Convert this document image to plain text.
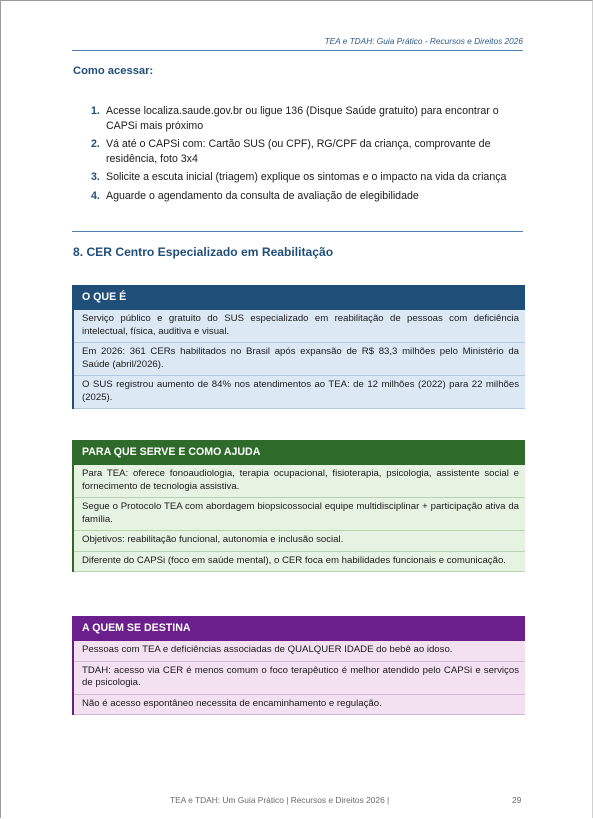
TEA e TDAH: Guia Prático - Recursos e Direitos 2026
Como acessar:
1. Acesse localiza.saude.gov.br ou ligue 136 (Disque Saúde gratuito) para encontrar o CAPSi mais próximo
2. Vá até o CAPSi com: Cartão SUS (ou CPF), RG/CPF da criança, comprovante de residência, foto 3x4
3. Solicite a escuta inicial (triagem) explique os sintomas e o impacto na vida da criança
4. Aguarde o agendamento da consulta de avaliação de elegibilidade
8. CER Centro Especializado em Reabilitação
O QUE É
Serviço público e gratuito do SUS especializado em reabilitação de pessoas com deficiência intelectual, física, auditiva e visual.
Em 2026: 361 CERs habilitados no Brasil após expansão de R$ 83,3 milhões pelo Ministério da Saúde (abril/2026).
O SUS registrou aumento de 84% nos atendimentos ao TEA: de 12 milhões (2022) para 22 milhões (2025).
PARA QUE SERVE E COMO AJUDA
Para TEA: oferece fonoaudiologia, terapia ocupacional, fisioterapia, psicologia, assistente social e fornecimento de tecnologia assistiva.
Segue o Protocolo TEA com abordagem biopsicossocial equipe multidisciplinar + participação ativa da família.
Objetivos: reabilitação funcional, autonomia e inclusão social.
Diferente do CAPSi (foco em saúde mental), o CER foca em habilidades funcionais e comunicação.
A QUEM SE DESTINA
Pessoas com TEA e deficiências associadas de QUALQUER IDADE do bebê ao idoso.
TDAH: acesso via CER é menos comum o foco terapêutico é melhor atendido pelo CAPSi e serviços de psicologia.
Não é acesso espontâneo necessita de encaminhamento e regulação.
TEA e TDAH: Um Guia Prático | Recursos e Direitos 2026 |	29
